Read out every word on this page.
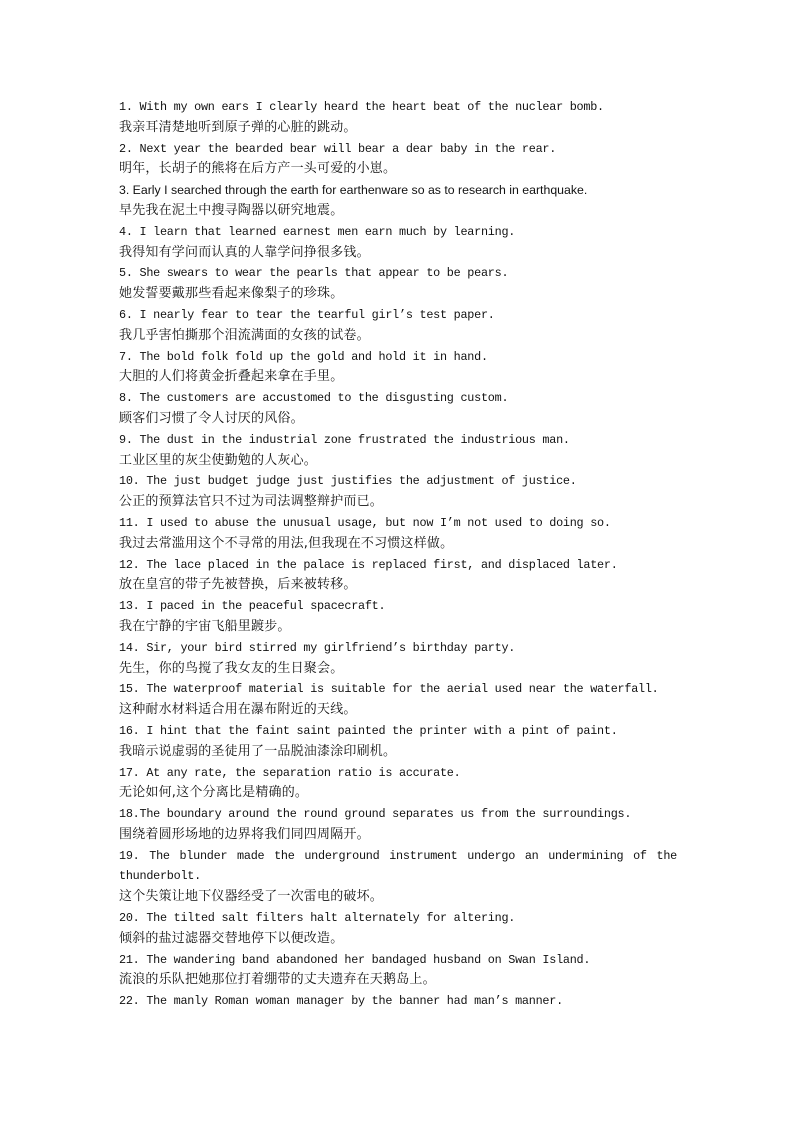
1. With my own ears I clearly heard the heart beat of the nuclear bomb.
我亲耳清楚地听到原子弹的心脏的跳动。
2. Next year the bearded bear will bear a dear baby in the rear.
明年，长胡子的熊将在后方产一头可爱的小崽。
3. Early I searched through the earth for earthenware so as to research in earthquake.
早先我在泥土中搜寻陶器以研究地震。
4. I learn that learned earnest men earn much by learning.
我得知有学问而认真的人靠学问挣很多钱。
5. She swears to wear the pearls that appear to be pears.
她发誓要戴那些看起来像梨子的珍珠。
6. I nearly fear to tear the tearful girl’s test paper.
我几乎害怕撕那个泪流满面的女孩的试卷。
7. The bold folk fold up the gold and hold it in hand.
大胆的人们将黄金折叠起来拿在手里。
8. The customers are accustomed to the disgusting custom.
顾客们习惯了令人讨厌的风俗。
9. The dust in the industrial zone frustrated the industrious man.
工业区里的灰尘使勤勉的人灰心。
10. The just budget judge just justifies the adjustment of justice.
公正的预算法官只不过为司法调整辩护而已。
11. I used to abuse the unusual usage, but now I’m not used to doing so.
我过去常滥用这个不寻常的用法,但我现在不习惯这样做。
12. The lace placed in the palace is replaced first, and displaced later.
放在皇宫的带子先被替换，后来被转移。
13. I paced in the peaceful spacecraft.
我在宁静的宇宙飞船里踱步。
14. Sir, your bird stirred my girlfriend’s birthday party.
先生，你的鸟搅了我女友的生日聚会。
15. The waterproof material is suitable for the aerial used near the waterfall.
这种耐水材料适合用在瀑布附近的天线。
16. I hint that the faint saint painted the printer with a pint of paint.
我暗示说虚弱的圣徒用了一品脱油漆涂印刷机。
17. At any rate, the separation ratio is accurate.
无论如何,这个分离比是精确的。
18.The boundary around the round ground separates us from the surroundings.
围绕着圆形场地的边界将我们同四周隔开。
19. The blunder made the underground instrument undergo an undermining of the
thunderbolt.
这个失策让地下仪器经受了一次雷电的破坏。
20. The tilted salt filters halt alternately for altering.
倾斜的盐过滤器交替地停下以便改造。
21. The wandering band abandoned her bandaged husband on Swan Island.
流浪的乐队把她那位打着绷带的丈夫遗弃在天鹅岛上。
22. The manly Roman woman manager by the banner had man’s manner.
